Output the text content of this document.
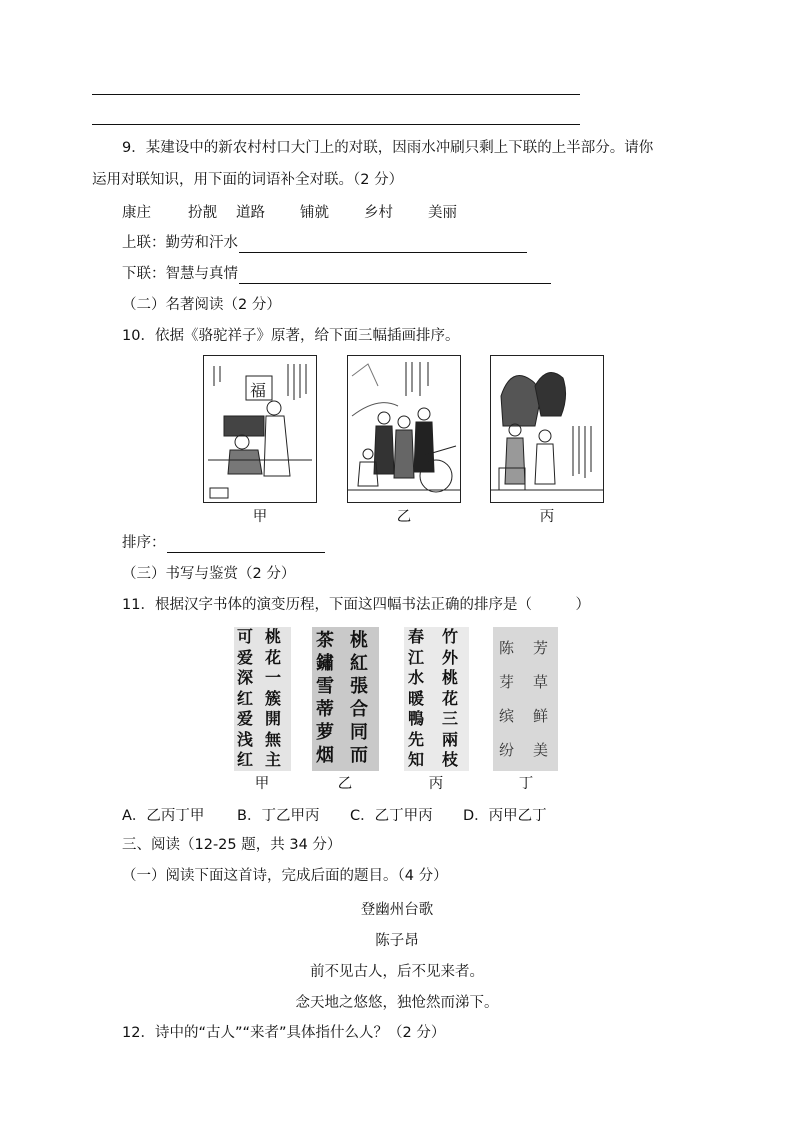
9．某建设中的新农村村口大门上的对联，因雨水冲刷只剩上下联的上半部分。请你
运用对联知识，用下面的词语补全对联。（2 分）
康庄	扮靓 道路 铺就 乡村 美丽
上联：勤劳和汗水
下联：智慧与真情
（二）名著阅读（2 分）
10．依据《骆驼祥子》原著，给下面三幅插画排序。
福
甲	乙	丙
排序：
（三）书写与鉴赏（2 分）
11．根据汉字书体的演变历程，下面这四幅书法正确的排序是（　　　）
可爱深红爱浅红
桃花一簇開無主
茶鏽雪蒂萝烟
桃紅張合同而
春江水暖鴨先知
竹外桃花三兩枝
陈芽缤纷
芳草鲜美
甲	乙	丙	丁
A．乙丙丁甲 B．丁乙甲丙 C．乙丁甲丙 D．丙甲乙丁
三、阅读（12-25 题，共 34 分）
（一）阅读下面这首诗，完成后面的题目。（4 分）
登幽州台歌
陈子昂
前不见古人，后不见来者。
念天地之悠悠，独怆然而涕下。
12．诗中的“古人”“来者”具体指什么人？（2 分）
